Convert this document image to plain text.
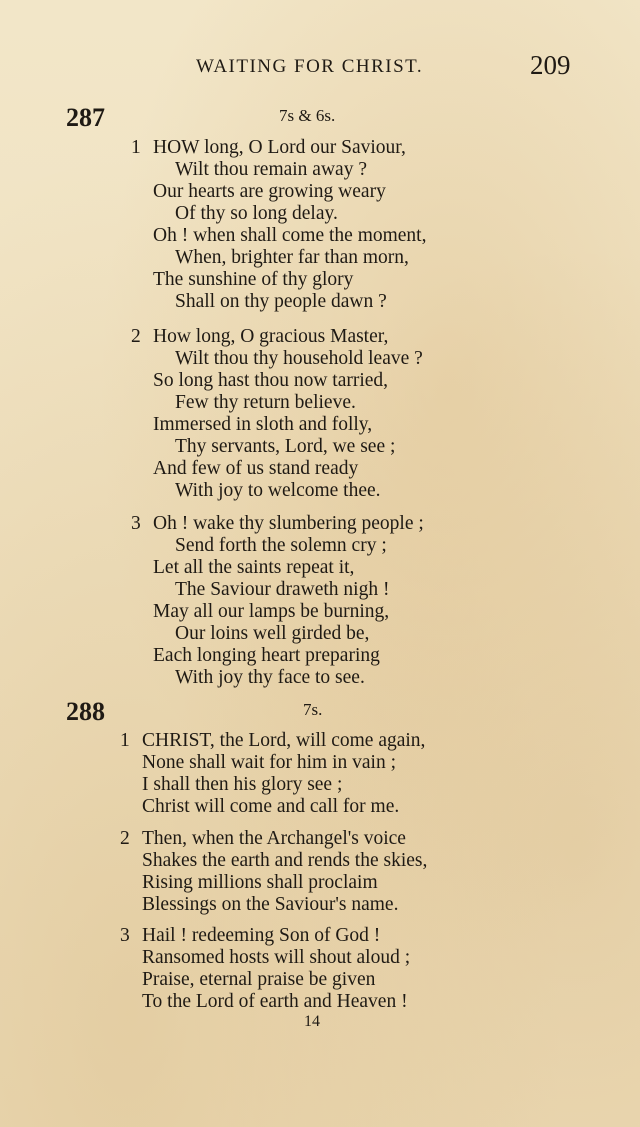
WAITING FOR CHRIST.	209
287	7s & 6s.
1 HOW long, O Lord our Saviour,
Wilt thou remain away ?
Our hearts are growing weary
Of thy so long delay.
Oh ! when shall come the moment,
When, brighter far than morn,
The sunshine of thy glory
Shall on thy people dawn ?
2 How long, O gracious Master,
Wilt thou thy household leave ?
So long hast thou now tarried,
Few thy return believe.
Immersed in sloth and folly,
Thy servants, Lord, we see ;
And few of us stand ready
With joy to welcome thee.
3 Oh ! wake thy slumbering people ;
Send forth the solemn cry ;
Let all the saints repeat it,
The Saviour draweth nigh !
May all our lamps be burning,
Our loins well girded be,
Each longing heart preparing
With joy thy face to see.
288	7s.
1 CHRIST, the Lord, will come again,
None shall wait for him in vain ;
I shall then his glory see ;
Christ will come and call for me.
2 Then, when the Archangel's voice
Shakes the earth and rends the skies,
Rising millions shall proclaim
Blessings on the Saviour's name.
3 Hail ! redeeming Son of God !
Ransomed hosts will shout aloud ;
Praise, eternal praise be given
To the Lord of earth and Heaven !
14
